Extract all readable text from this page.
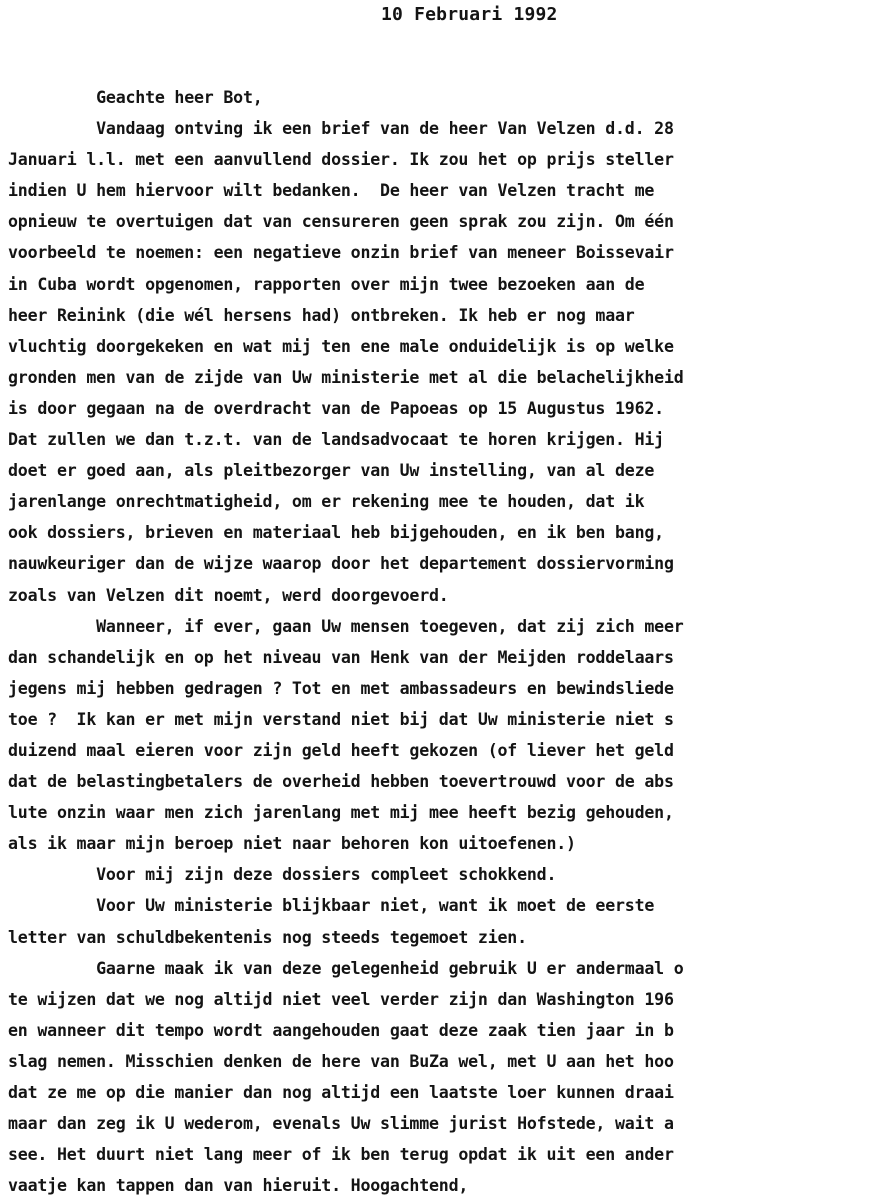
10 Februari 1992
Geachte heer Bot,
Vandaag ontving ik een brief van de heer Van Velzen d.d. 28
Januari l.l. met een aanvullend dossier. Ik zou het op prijs steller
indien U hem hiervoor wilt bedanken.  De heer van Velzen tracht me
opnieuw te overtuigen dat van censureren geen sprak zou zijn. Om één
voorbeeld te noemen: een negatieve onzin brief van meneer Boissevair
in Cuba wordt opgenomen, rapporten over mijn twee bezoeken aan de
heer Reinink (die wél hersens had) ontbreken. Ik heb er nog maar
vluchtig doorgekeken en wat mij ten ene male onduidelijk is op welke
gronden men van de zijde van Uw ministerie met al die belachelijkheid
is door gegaan na de overdracht van de Papoeas op 15 Augustus 1962.
Dat zullen we dan t.z.t. van de landsadvocaat te horen krijgen. Hij
doet er goed aan, als pleitbezorger van Uw instelling, van al deze
jarenlange onrechtmatigheid, om er rekening mee te houden, dat ik
ook dossiers, brieven en materiaal heb bijgehouden, en ik ben bang,
nauwkeuriger dan de wijze waarop door het departement dossiervorming
zoals van Velzen dit noemt, werd doorgevoerd.
Wanneer, if ever, gaan Uw mensen toegeven, dat zij zich meer
dan schandelijk en op het niveau van Henk van der Meijden roddelaars
jegens mij hebben gedragen ? Tot en met ambassadeurs en bewindsliede
toe ?  Ik kan er met mijn verstand niet bij dat Uw ministerie niet s
duizend maal eieren voor zijn geld heeft gekozen (of liever het geld
dat de belastingbetalers de overheid hebben toevertrouwd voor de abs
lute onzin waar men zich jarenlang met mij mee heeft bezig gehouden,
als ik maar mijn beroep niet naar behoren kon uitoefenen.)
Voor mij zijn deze dossiers compleet schokkend.
Voor Uw ministerie blijkbaar niet, want ik moet de eerste
letter van schuldbekentenis nog steeds tegemoet zien.
Gaarne maak ik van deze gelegenheid gebruik U er andermaal o
te wijzen dat we nog altijd niet veel verder zijn dan Washington 196
en wanneer dit tempo wordt aangehouden gaat deze zaak tien jaar in b
slag nemen. Misschien denken de here van BuZa wel, met U aan het hoo
dat ze me op die manier dan nog altijd een laatste loer kunnen draai
maar dan zeg ik U wederom, evenals Uw slimme jurist Hofstede, wait a
see. Het duurt niet lang meer of ik ben terug opdat ik uit een ander
vaatje kan tappen dan van hieruit. Hoogachtend,
